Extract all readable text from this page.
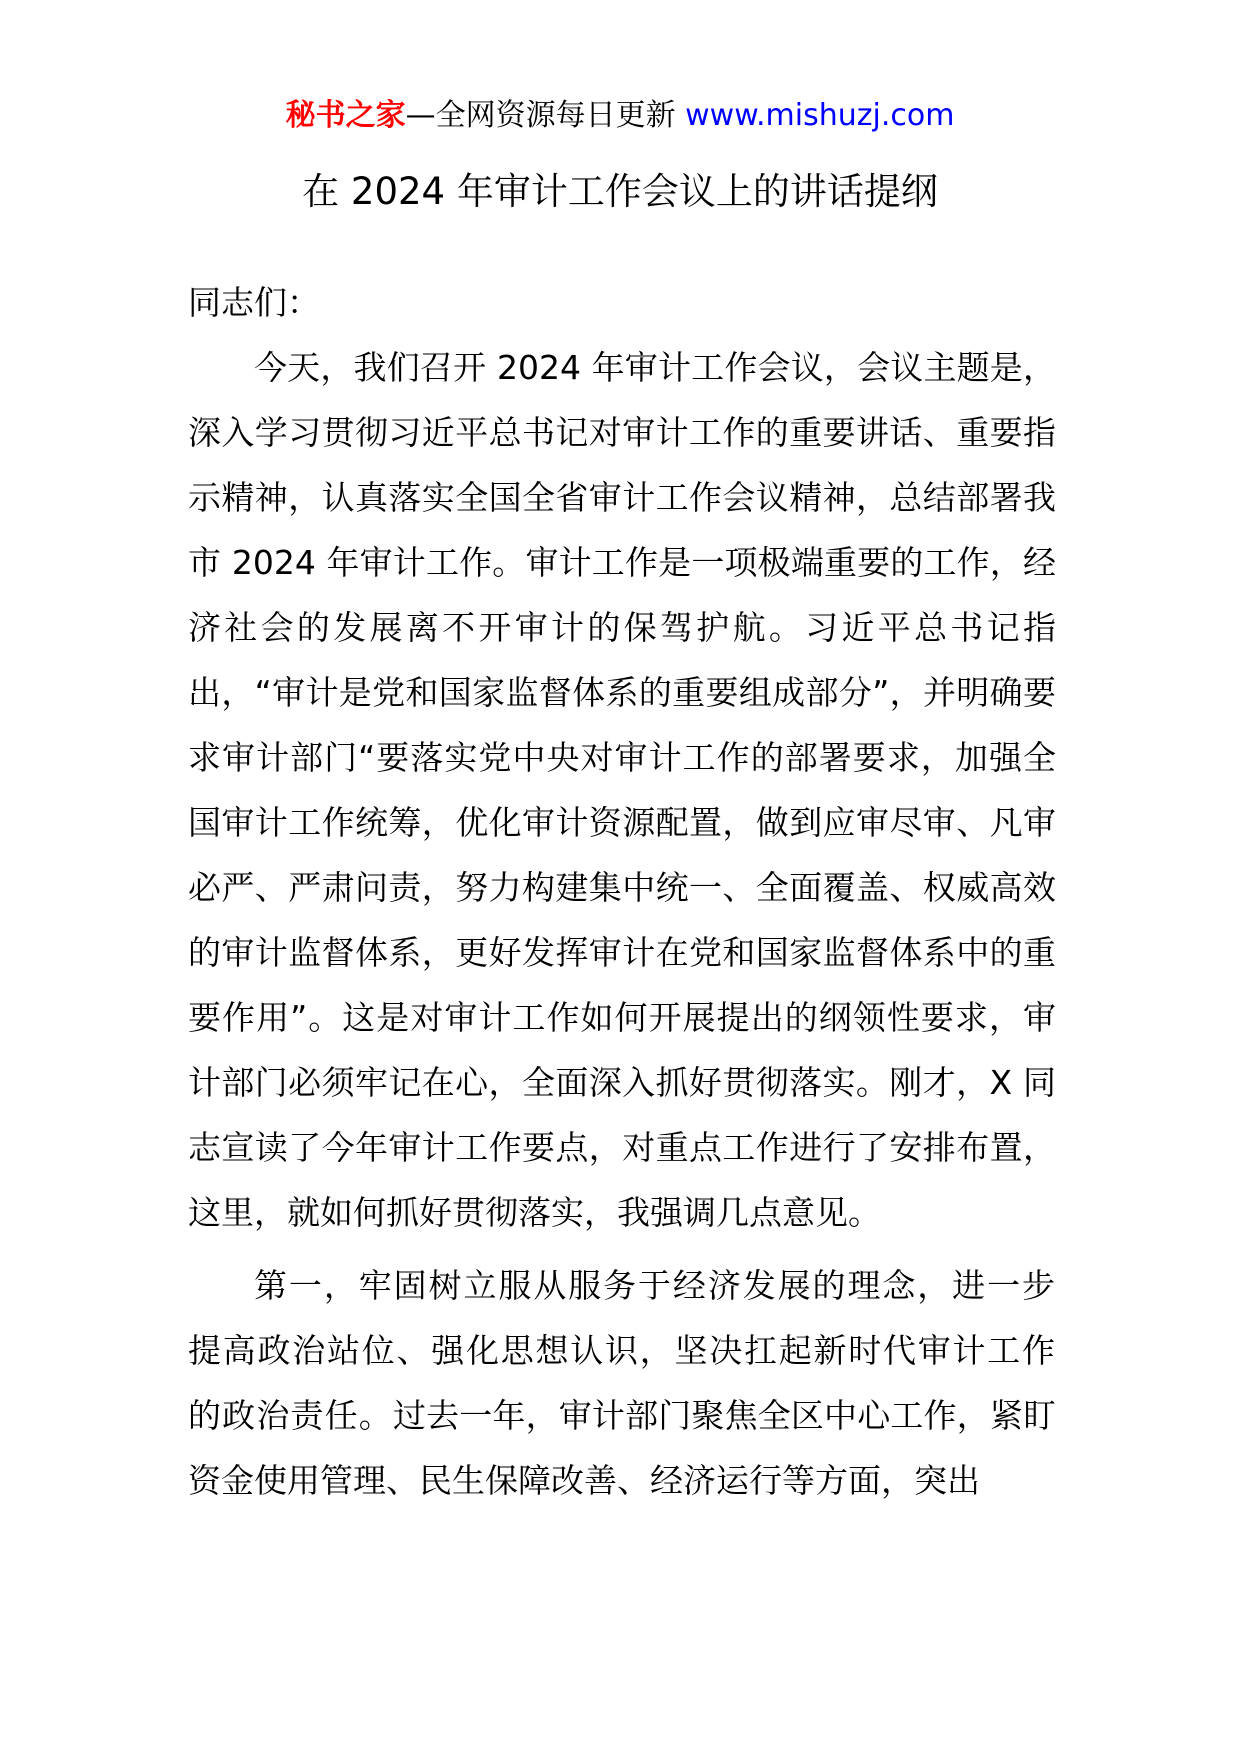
秘书之家—全网资源每日更新 www.mishuzj.com
在 2024 年审计工作会议上的讲话提纲

同志们：

今天，我们召开 2024 年审计工作会议，会议主题是，深入学习贯彻习近平总书记对审计工作的重要讲话、重要指示精神，认真落实全国全省审计工作会议精神，总结部署我市 2024 年审计工作。审计工作是一项极端重要的工作，经济社会的发展离不开审计的保驾护航。习近平总书记指出，“审计是党和国家监督体系的重要组成部分”，并明确要求审计部门“要落实党中央对审计工作的部署要求，加强全国审计工作统筹，优化审计资源配置，做到应审尽审、凡审必严、严肃问责，努力构建集中统一、全面覆盖、权威高效的审计监督体系，更好发挥审计在党和国家监督体系中的重要作用”。这是对审计工作如何开展提出的纲领性要求，审计部门必须牢记在心，全面深入抓好贯彻落实。刚才，X 同志宣读了今年审计工作要点，对重点工作进行了安排布置，这里，就如何抓好贯彻落实，我强调几点意见。

第一，牢固树立服从服务于经济发展的理念，进一步提高政治站位、强化思想认识，坚决扛起新时代审计工作的政治责任。过去一年，审计部门聚焦全区中心工作，紧盯资金使用管理、民生保障改善、经济运行等方面，突出
